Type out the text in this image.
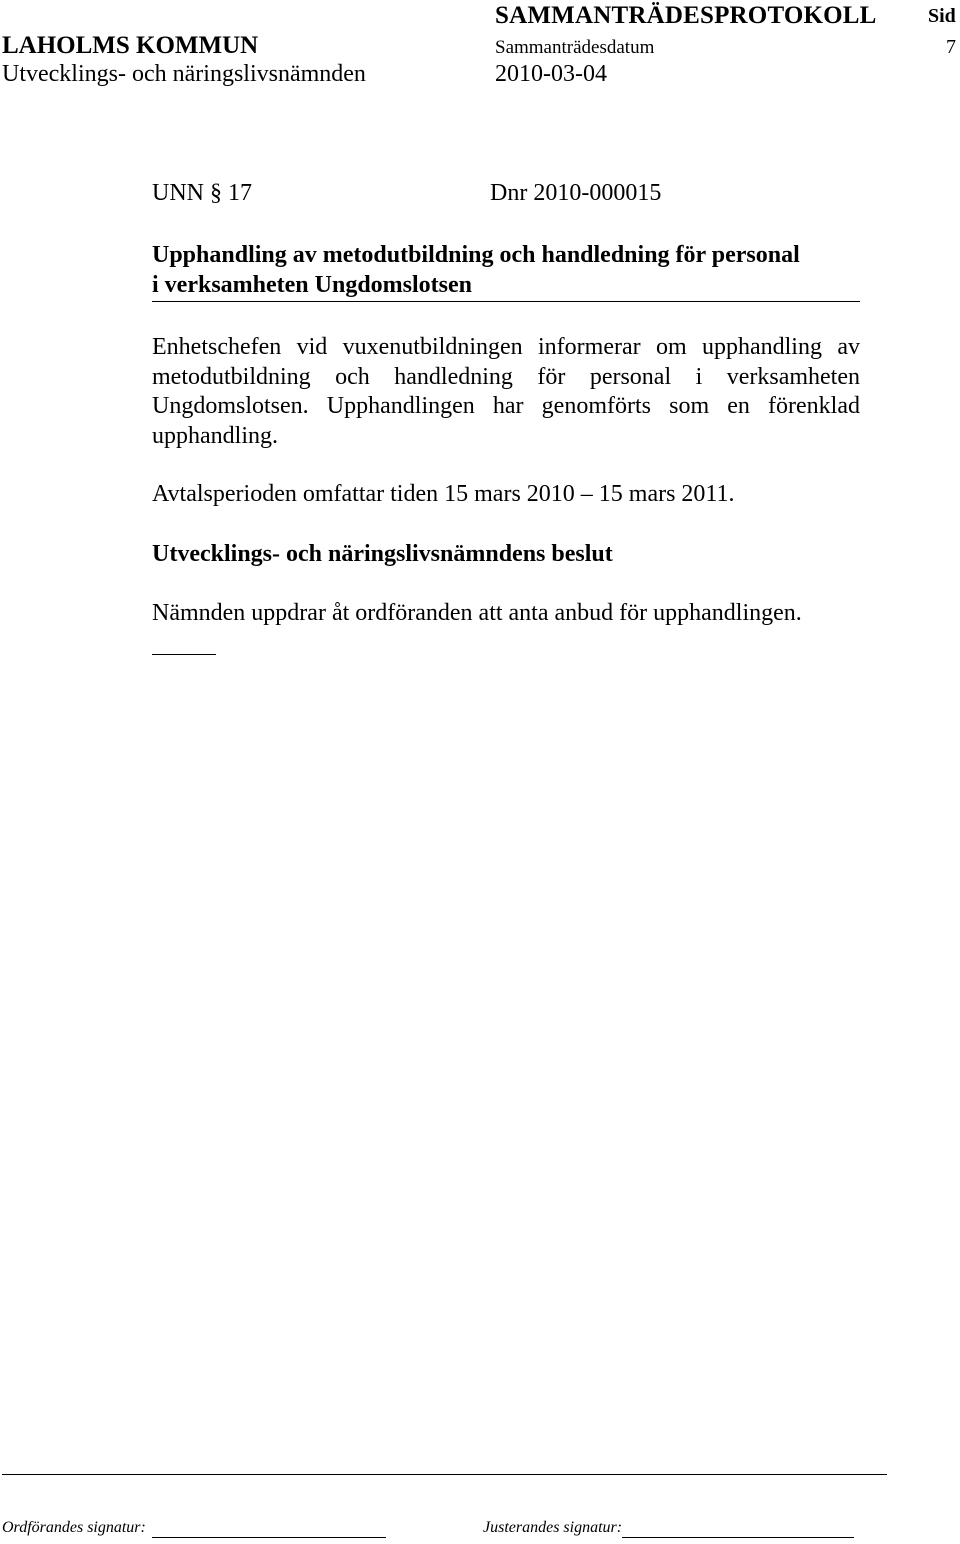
SAMMANTRÄDESPROTOKOLL	Sid
LAHOLMS KOMMUN	Sammanträdesdatum	7
Utvecklings- och näringslivsnämnden	2010-03-04
UNN § 17	Dnr 2010-000015
Upphandling av metodutbildning och handledning för personal
i verksamheten Ungdomslotsen
Enhetschefen vid vuxenutbildningen informerar om upphandling av metodutbildning och handledning för personal i verksamheten Ungdomslotsen. Upphandlingen har genomförts som en förenklad upphandling.
Avtalsperioden omfattar tiden 15 mars 2010 – 15 mars 2011.
Utvecklings- och näringslivsnämndens beslut
Nämnden uppdrar åt ordföranden att anta anbud för upphandlingen.
Ordförandes signatur:	Justerandes signatur:
